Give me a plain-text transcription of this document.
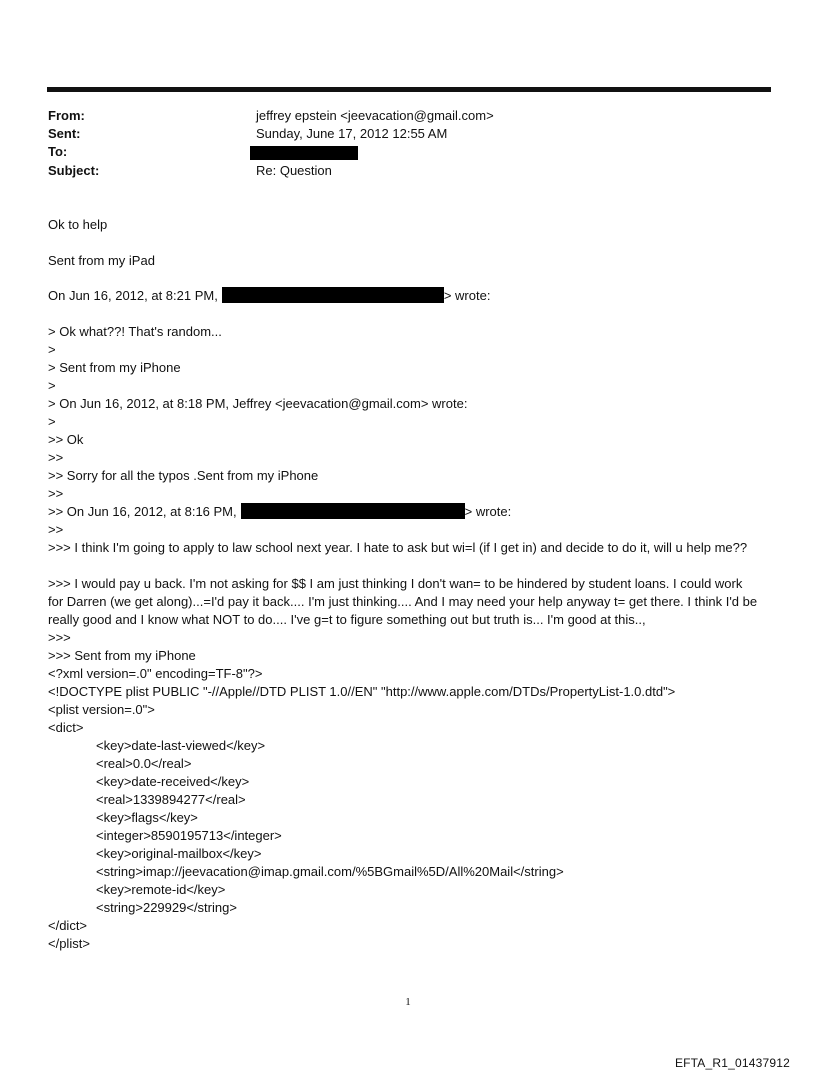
From:	jeffrey epstein <jeevacation@gmail.com>
Sent:	Sunday, June 17, 2012 12:55 AM
To:
Subject:	Re: Question
Ok to help
Sent from my iPad
On Jun 16, 2012, at 8:21 PM,	> wrote:
> Ok what??! That's random...
>
> Sent from my iPhone
>
> On Jun 16, 2012, at 8:18 PM, Jeffrey <jeevacation@gmail.com> wrote:
>
>> Ok
>>
>> Sorry for all the typos .Sent from my iPhone
>>
>> On Jun 16, 2012, at 8:16 PM,	> wrote:
>>
>>> I think I'm going to apply to law school next year. I hate to ask but wi=l (if I get in) and decide to do it, will u help me??
>>> I would pay u back. I'm not asking for $$ I am just thinking I don't wan= to be hindered by student loans. I could work for Darren (we get along)...=I'd pay it back.... I'm just thinking.... And I may need your help anyway t= get there. I think I'd be really good and I know what NOT to do.... I've g=t to figure something out but truth is... I'm good at this..,
>>>
>>> Sent from my iPhone
<?xml version=.0" encoding=TF-8"?>
<!DOCTYPE plist PUBLIC "-//Apple//DTD PLIST 1.0//EN" "http://www.apple.com/DTDs/PropertyList-1.0.dtd">
<plist version=.0">
<dict>
<key>date-last-viewed</key>
<real>0.0</real>
<key>date-received</key>
<real>1339894277</real>
<key>flags</key>
<integer>8590195713</integer>
<key>original-mailbox</key>
<string>imap://jeevacation@imap.gmail.com/%5BGmail%5D/All%20Mail</string>
<key>remote-id</key>
<string>229929</string>
</dict>
</plist>
1
EFTA_R1_01437912
